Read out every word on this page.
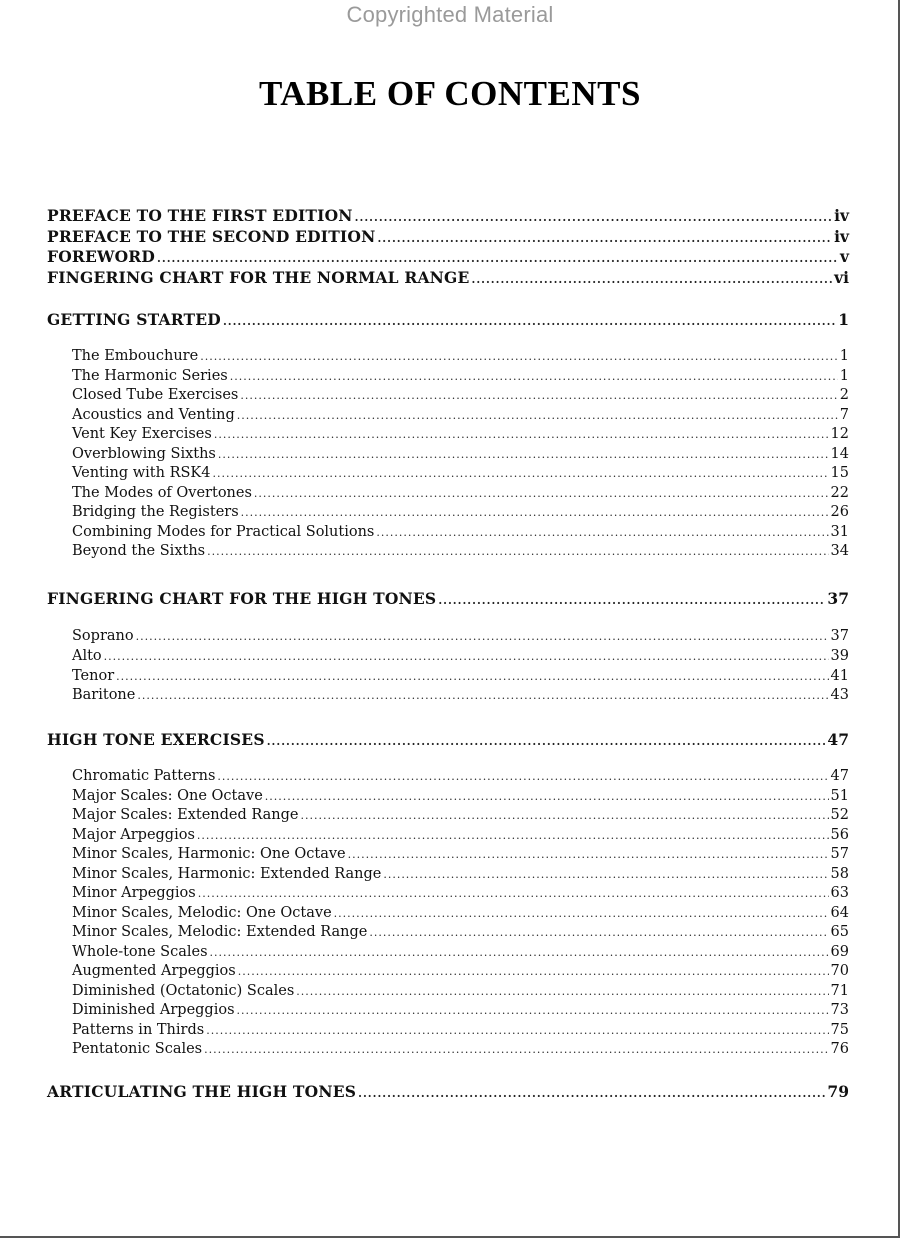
Copyrighted Material
TABLE OF CONTENTS
PREFACE TO THE FIRST EDITION .....	iv
PREFACE TO THE SECOND EDITION .....	iv
FOREWORD .....	v
FINGERING CHART FOR THE NORMAL RANGE .....	vi
GETTING STARTED .....	1
The Embouchure .....	1
The Harmonic Series .....	1
Closed Tube Exercises .....	2
Acoustics and Venting .....	7
Vent Key Exercises .....	12
Overblowing Sixths .....	14
Venting with RSK4 .....	15
The Modes of Overtones .....	22
Bridging the Registers .....	26
Combining Modes for Practical Solutions .....	31
Beyond the Sixths .....	34
FINGERING CHART FOR THE HIGH TONES .....	37
Soprano .....	37
Alto .....	39
Tenor .....	41
Baritone .....	43
HIGH TONE EXERCISES .....	47
Chromatic Patterns .....	47
Major Scales: One Octave .....	51
Major Scales: Extended Range .....	52
Major Arpeggios .....	56
Minor Scales, Harmonic: One Octave .....	57
Minor Scales, Harmonic: Extended Range .....	58
Minor Arpeggios .....	63
Minor Scales, Melodic: One Octave .....	64
Minor Scales, Melodic: Extended Range .....	65
Whole-tone Scales .....	69
Augmented Arpeggios .....	70
Diminished (Octatonic) Scales .....	71
Diminished Arpeggios .....	73
Patterns in Thirds .....	75
Pentatonic Scales .....	76
ARTICULATING THE HIGH TONES .....	79
